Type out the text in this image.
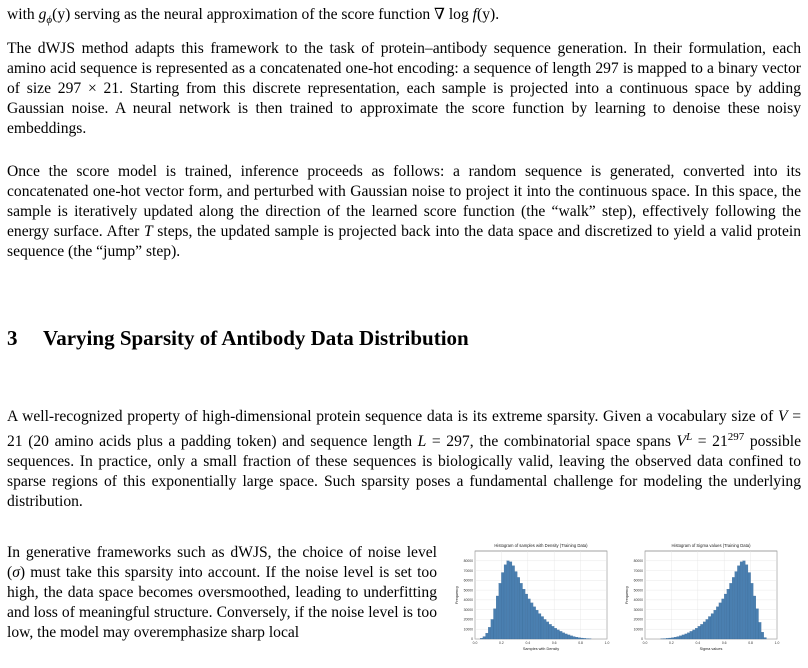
with $g_\phi(y)$ serving as the neural approximation of the score function ∇ log f(y).

The dWJS method adapts this framework to the task of protein–antibody sequence generation. In their formulation, each amino acid sequence is represented as a concatenated one-hot encoding: a sequence of length 297 is mapped to a binary vector of size 297 × 21. Starting from this discrete representation, each sample is projected into a continuous space by adding Gaussian noise. A neural network is then trained to approximate the score function by learning to denoise these noisy embeddings.

Once the score model is trained, inference proceeds as follows: a random sequence is generated, converted into its concatenated one-hot vector form, and perturbed with Gaussian noise to project it into the continuous space. In this space, the sample is iteratively updated along the direction of the learned score function (the “walk” step), effectively following the energy surface. After T steps, the updated sample is projected back into the data space and discretized to yield a valid protein sequence (the “jump” step).

3 Varying Sparsity of Antibody Data Distribution

A well-recognized property of high-dimensional protein sequence data is its extreme sparsity. Given a vocabulary size of V = 21 (20 amino acids plus a padding token) and sequence length L = 297, the combinatorial space spans $V^L = 21^{297}$ possible sequences. In practice, only a small fraction of these sequences is biologically valid, leaving the observed data confined to sparse regions of this exponentially large space. Such sparsity poses a fundamental challenge for modeling the underlying distribution.

In generative frameworks such as dWJS, the choice of noise level (σ) must take this sparsity into account. If the noise level is set too high, the data space becomes oversmoothed, leading to underfitting and loss of meaningful structure. Conversely, if the noise level is too low, the model may overemphasize sharp local

Histogram of samples with Density (Training Data)
0
10000
20000
30000
40000
50000
60000
70000
80000
0.0	0.2	0.4	0.6	0.8	1.0
Samples with Density
Frequency
Histogram of Sigma values (Training Data)
0
10000
20000
30000
40000
50000
60000
70000
80000
0.0	0.2	0.4	0.6	0.8	1.0
Sigma values
Frequency
